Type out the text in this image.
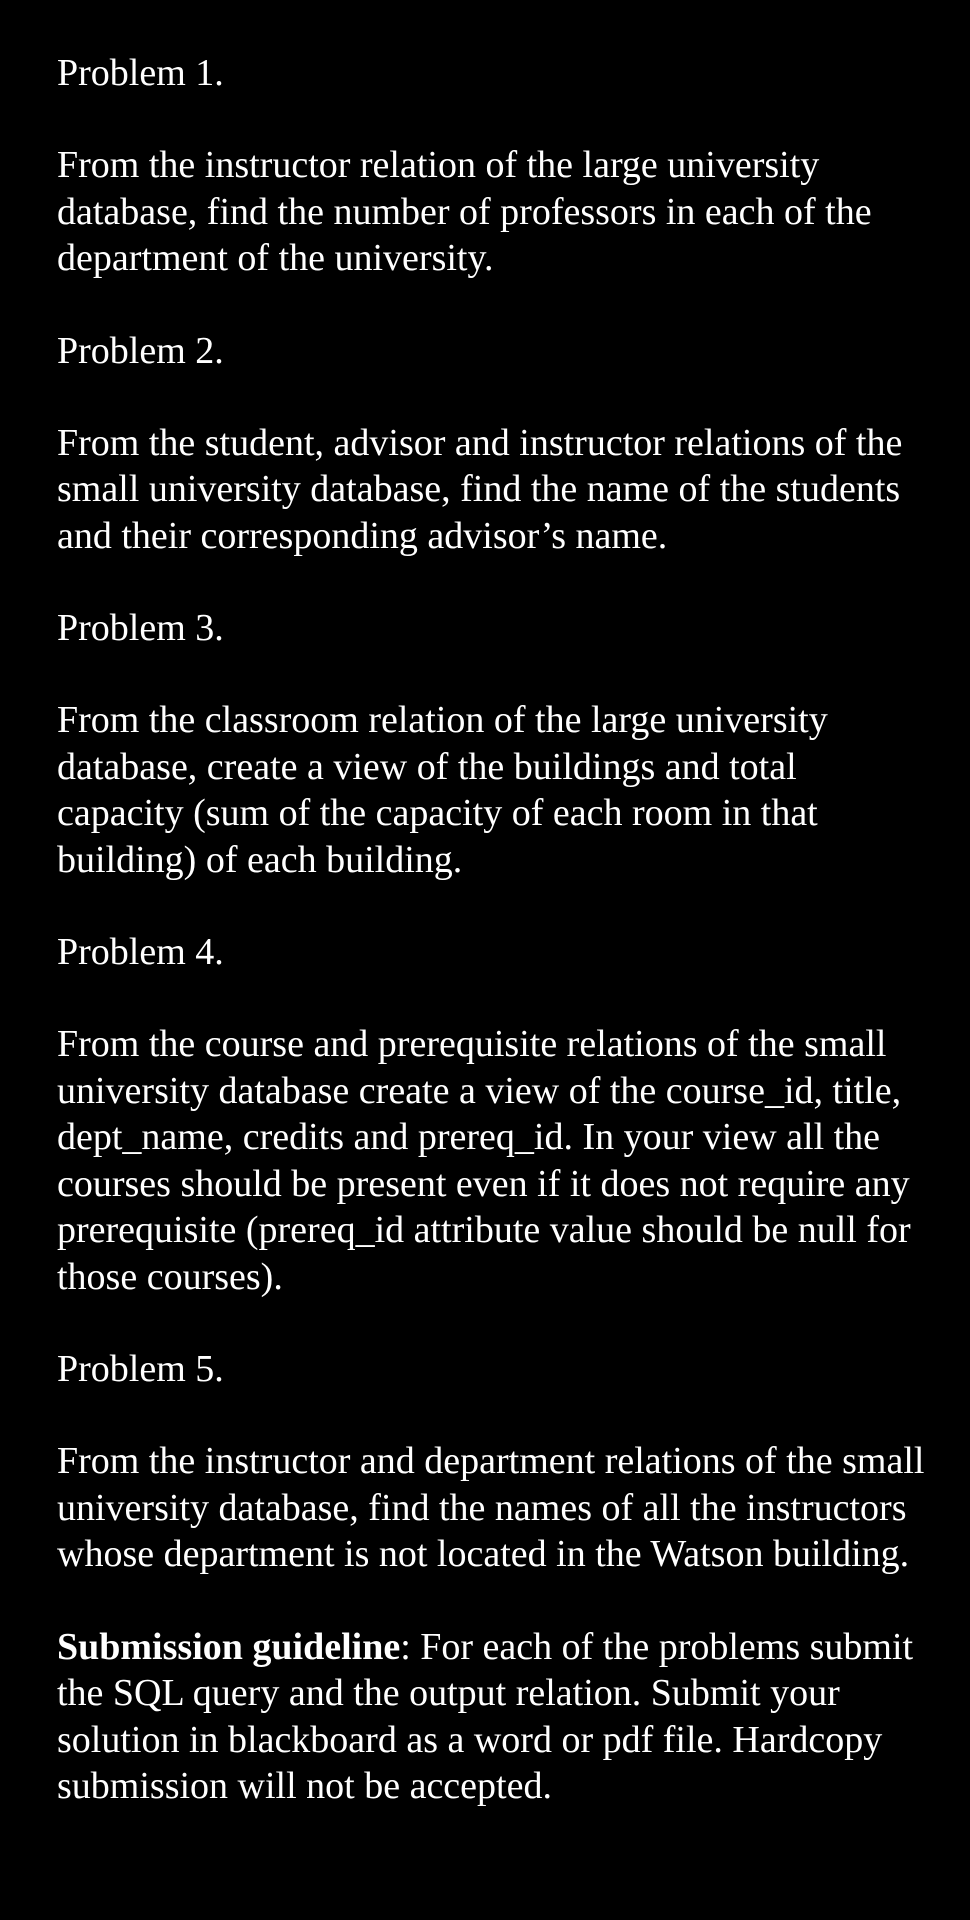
Problem 1.

From the instructor relation of the large university database, find the number of professors in each of the department of the university.

Problem 2.

From the student, advisor and instructor relations of the small university database, find the name of the students and their corresponding advisor’s name.

Problem 3.

From the classroom relation of the large university database, create a view of the buildings and total capacity (sum of the capacity of each room in that building) of each building.

Problem 4.

From the course and prerequisite relations of the small university database create a view of the course_id, title, dept_name, credits and prereq_id. In your view all the courses should be present even if it does not require any prerequisite (prereq_id attribute value should be null for those courses).

Problem 5.

From the instructor and department relations of the small university database, find the names of all the instructors whose department is not located in the Watson building.

Submission guideline: For each of the problems submit the SQL query and the output relation. Submit your solution in blackboard as a word or pdf file. Hardcopy submission will not be accepted.
